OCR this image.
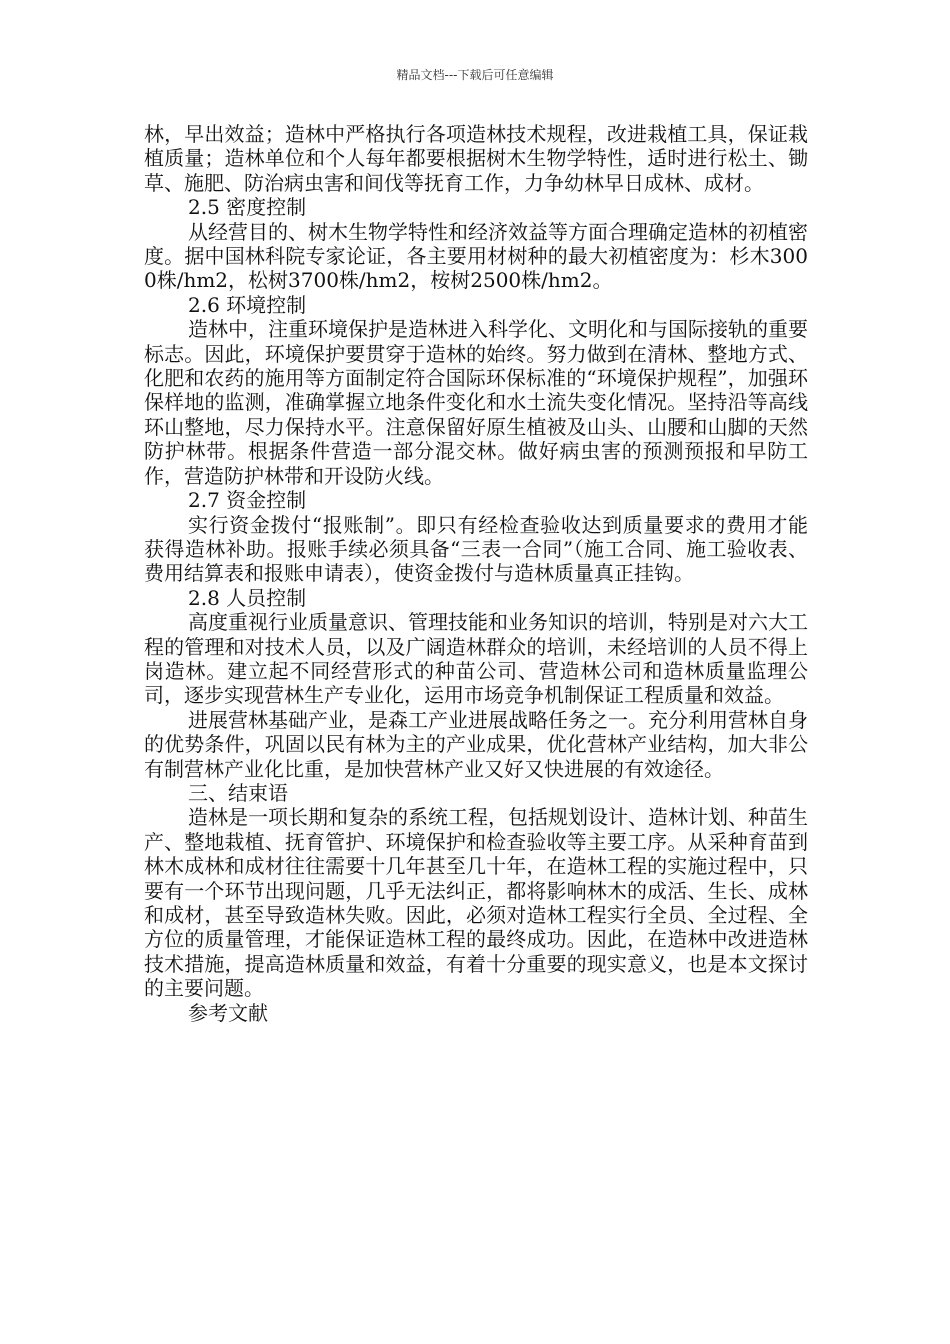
精品文档---下载后可任意编辑

林，早出效益；造林中严格执行各项造林技术规程，改进栽植工具，保证栽植质量；造林单位和个人每年都要根据树木生物学特性，适时进行松土、锄草、施肥、防治病虫害和间伐等抚育工作，力争幼林早日成林、成材。

2.5 密度控制

从经营目的、树木生物学特性和经济效益等方面合理确定造林的初植密度。据中国林科院专家论证，各主要用材树种的最大初植密度为：杉木3000株/hm2，松树3700株/hm2，桉树2500株/hm2。

2.6 环境控制

造林中，注重环境保护是造林进入科学化、文明化和与国际接轨的重要标志。因此，环境保护要贯穿于造林的始终。努力做到在清林、整地方式、化肥和农药的施用等方面制定符合国际环保标准的“环境保护规程”，加强环保样地的监测，准确掌握立地条件变化和水土流失变化情况。坚持沿等高线环山整地，尽力保持水平。注意保留好原生植被及山头、山腰和山脚的天然防护林带。根据条件营造一部分混交林。做好病虫害的预测预报和早防工作，营造防护林带和开设防火线。

2.7 资金控制

实行资金拨付“报账制”。即只有经检查验收达到质量要求的费用才能获得造林补助。报账手续必须具备“三表一合同”（施工合同、施工验收表、费用结算表和报账申请表），使资金拨付与造林质量真正挂钩。

2.8 人员控制

高度重视行业质量意识、管理技能和业务知识的培训，特别是对六大工程的管理和对技术人员，以及广阔造林群众的培训，未经培训的人员不得上岗造林。建立起不同经营形式的种苗公司、营造林公司和造林质量监理公司，逐步实现营林生产专业化，运用市场竞争机制保证工程质量和效益。

进展营林基础产业，是森工产业进展战略任务之一。充分利用营林自身的优势条件，巩固以民有林为主的产业成果，优化营林产业结构，加大非公有制营林产业化比重，是加快营林产业又好又快进展的有效途径。

三、结束语

造林是一项长期和复杂的系统工程，包括规划设计、造林计划、种苗生产、整地栽植、抚育管护、环境保护和检查验收等主要工序。从采种育苗到林木成林和成材往往需要十几年甚至几十年，在造林工程的实施过程中，只要有一个环节出现问题，几乎无法纠正，都将影响林木的成活、生长、成林和成材，甚至导致造林失败。因此，必须对造林工程实行全员、全过程、全方位的质量管理，才能保证造林工程的最终成功。因此，在造林中改进造林技术措施，提高造林质量和效益，有着十分重要的现实意义，也是本文探讨的主要问题。

参考文献
